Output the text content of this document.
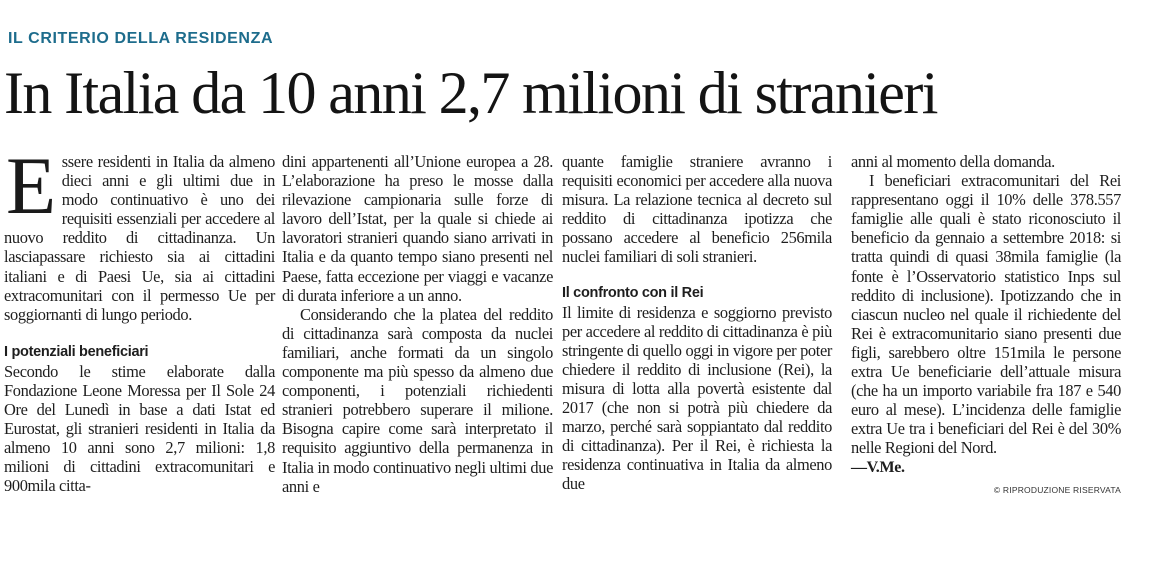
IL CRITERIO DELLA RESIDENZA
In Italia da 10 anni 2,7 milioni di stranieri

Essere residenti in Italia da almeno dieci anni e gli ultimi due in modo continuativo è uno dei requisiti essenziali per accedere al nuovo reddito di cittadinanza. Un lasciapassare richiesto sia ai cittadini italiani e di Paesi Ue, sia ai cittadini extracomunitari con il permesso Ue per soggiornanti di lungo periodo.

I potenziali beneficiari

Secondo le stime elaborate dalla Fondazione Leone Moressa per Il Sole 24 Ore del Lunedì in base a dati Istat ed Eurostat, gli stranieri residenti in Italia da almeno 10 anni sono 2,7 milioni: 1,8 milioni di cittadini extracomunitari e 900mila citta-

dini appartenenti all’Unione europea a 28. L’elaborazione ha preso le mosse dalla rilevazione campionaria sulle forze di lavoro dell’Istat, per la quale si chiede ai lavoratori stranieri quando siano arrivati in Italia e da quanto tempo siano presenti nel Paese, fatta eccezione per viaggi e vacanze di durata inferiore a un anno.

Considerando che la platea del reddito di cittadinanza sarà composta da nuclei familiari, anche formati da un singolo componente ma più spesso da almeno due componenti, i potenziali richiedenti stranieri potrebbero superare il milione. Bisogna capire come sarà interpretato il requisito aggiuntivo della permanenza in Italia in modo continuativo negli ultimi due anni e

quante famiglie straniere avranno i requisiti economici per accedere alla nuova misura. La relazione tecnica al decreto sul reddito di cittadinanza ipotizza che possano accedere al beneficio 256mila nuclei familiari di soli stranieri.

Il confronto con il Rei

Il limite di residenza e soggiorno previsto per accedere al reddito di cittadinanza è più stringente di quello oggi in vigore per poter chiedere il reddito di inclusione (Rei), la misura di lotta alla povertà esistente dal 2017 (che non si potrà più chiedere da marzo, perché sarà soppiantato dal reddito di cittadinanza). Per il Rei, è richiesta la residenza continuativa in Italia da almeno due

anni al momento della domanda.

I beneficiari extracomunitari del Rei rappresentano oggi il 10% delle 378.557 famiglie alle quali è stato riconosciuto il beneficio da gennaio a settembre 2018: si tratta quindi di quasi 38mila famiglie (la fonte è l’Osservatorio statistico Inps sul reddito di inclusione). Ipotizzando che in ciascun nucleo nel quale il richiedente del Rei è extracomunitario siano presenti due figli, sarebbero oltre 151mila le persone extra Ue beneficiarie dell’attuale misura (che ha un importo variabile fra 187 e 540 euro al mese). L’incidenza delle famiglie extra Ue tra i beneficiari del Rei è del 30% nelle Regioni del Nord.

—V.Me.

© RIPRODUZIONE RISERVATA
